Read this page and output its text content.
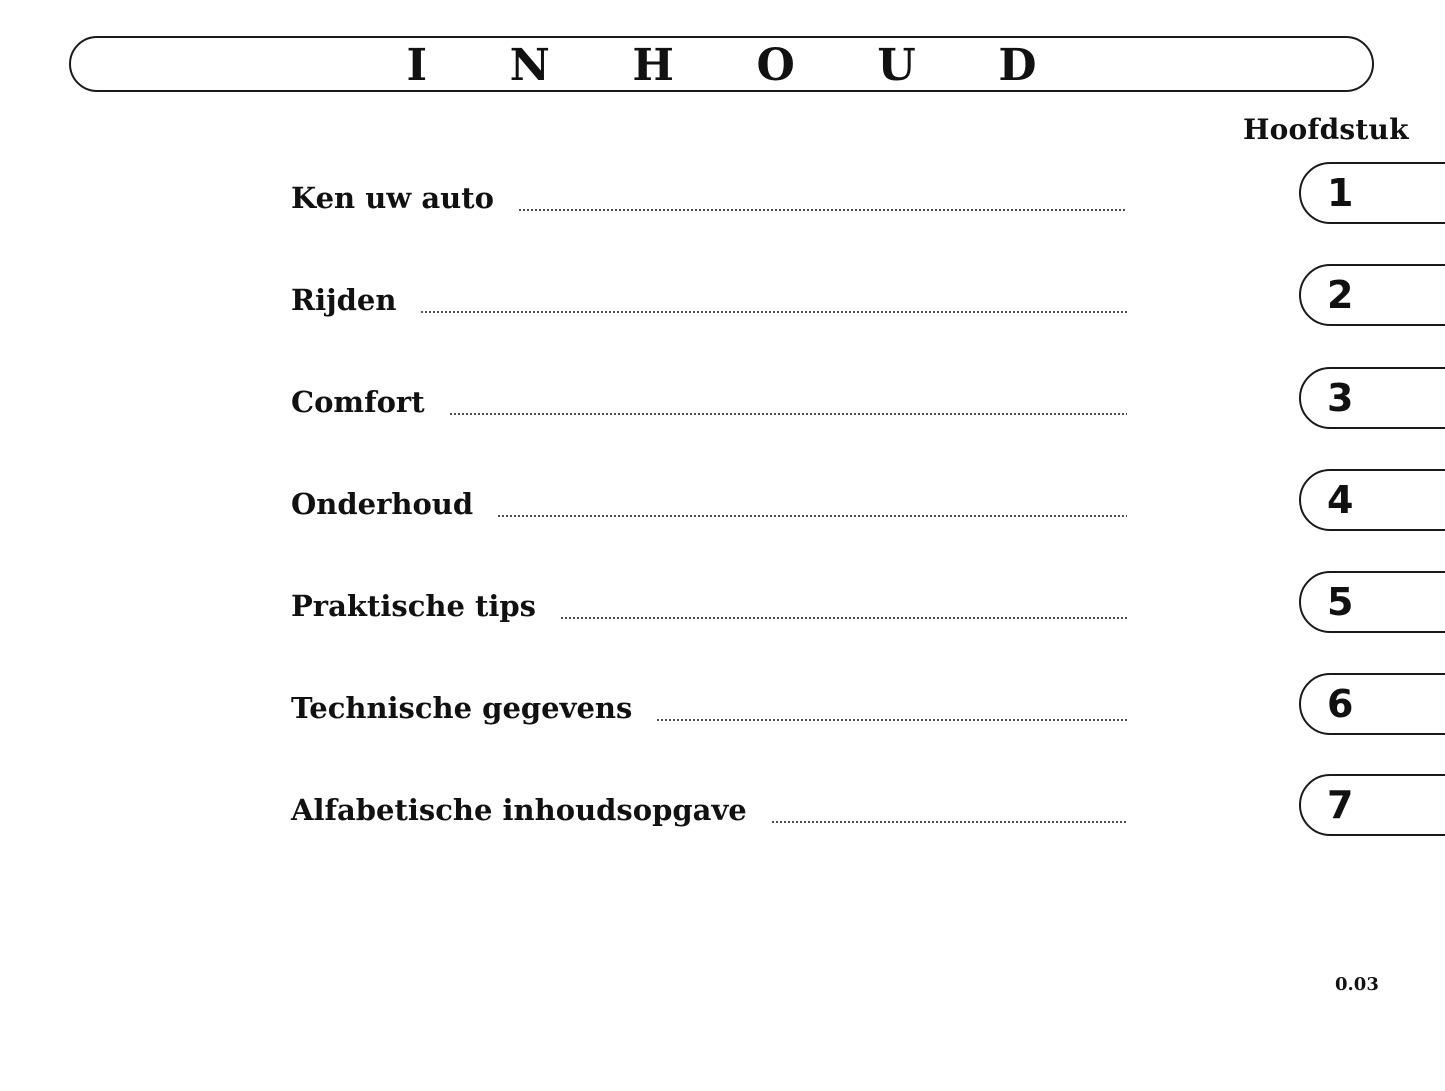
I N H O U D
Hoofdstuk
Ken uw auto
Rijden
Comfort
Onderhoud
Praktische tips
Technische gegevens
Alfabetische inhoudsopgave
1
2
3
4
5
6
7
0.03
